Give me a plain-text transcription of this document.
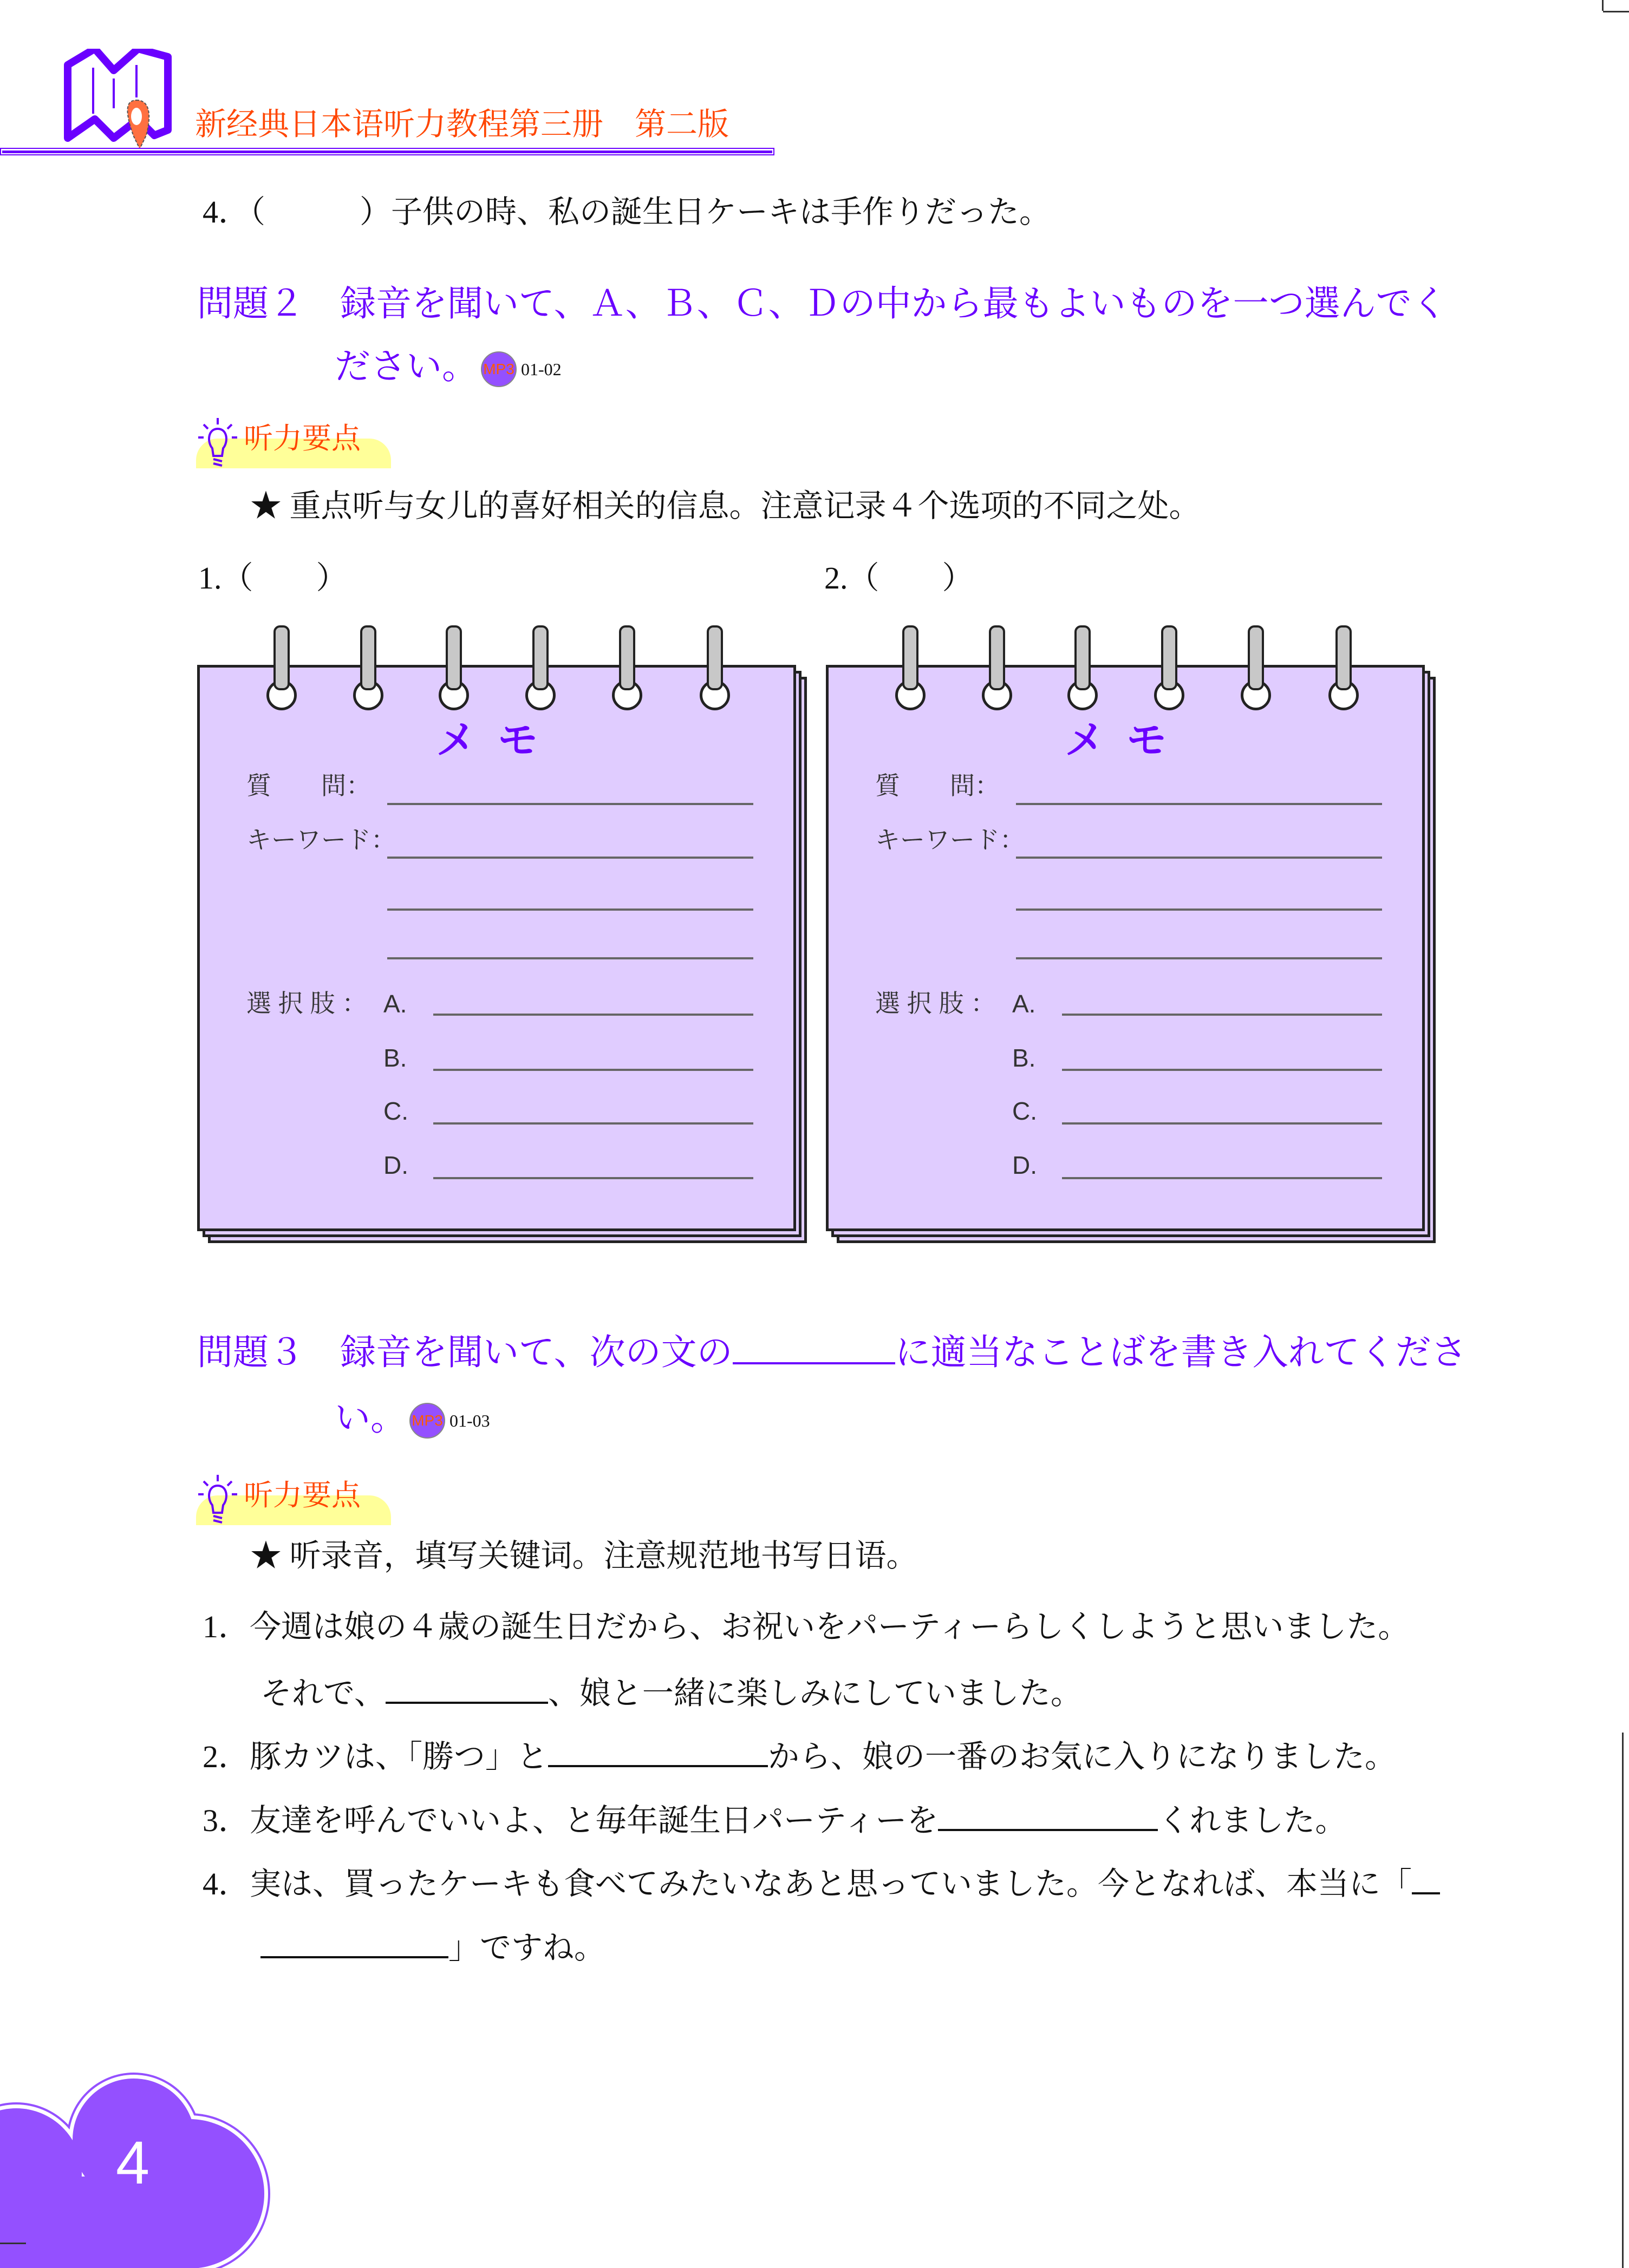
新经典日本语听力教程第三册　第二版
4．（　　　）子供の時、私の誕生日ケーキは手作りだった。
問題２　録音を聞いて、Ａ、Ｂ、Ｃ、Ｄの中から最もよいものを一つ選んでく
ださい。 MP3 01-02
听力要点
★ 重点听与女儿的喜好相关的信息。注意记录４个选项的不同之处。
1.（　　）	2.（　　）
メモ
質　　問：
キーワード：
選 択 肢 ： A.
B.
C.
D.
メモ
質　　問：
キーワード：
選 択 肢 ： A.
B.
C.
D.
問題３　録音を聞いて、次の文の	に適当なことばを書き入れてくださ
い。 MP3 01-03
听力要点
★ 听录音，填写关键词。注意规范地书写日语。
1．今週は娘の４歳の誕生日だから、お祝いをパーティーらしくしようと思いました。
それで、	、娘と一緒に楽しみにしていました。
2．豚カツは、「勝つ」と	から、娘の一番のお気に入りになりました。
3．友達を呼んでいいよ、と毎年誕生日パーティーを	くれました。
4．実は、買ったケーキも食べてみたいなあと思っていました。今となれば、本当に「
」ですね。
4
